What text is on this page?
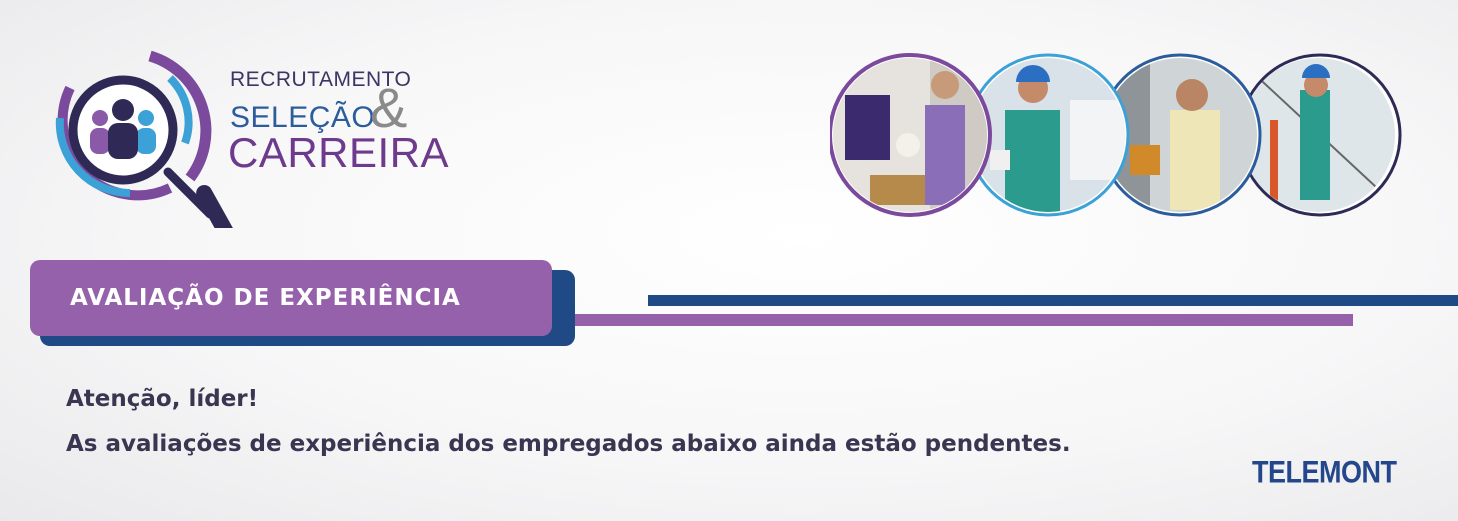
RECRUTAMENTO
SELEÇÃO
&
CARREIRA
AVALIAÇÃO DE EXPERIÊNCIA
Atenção, líder!
As avaliações de experiência dos empregados abaixo ainda estão pendentes.
TELEMONT
